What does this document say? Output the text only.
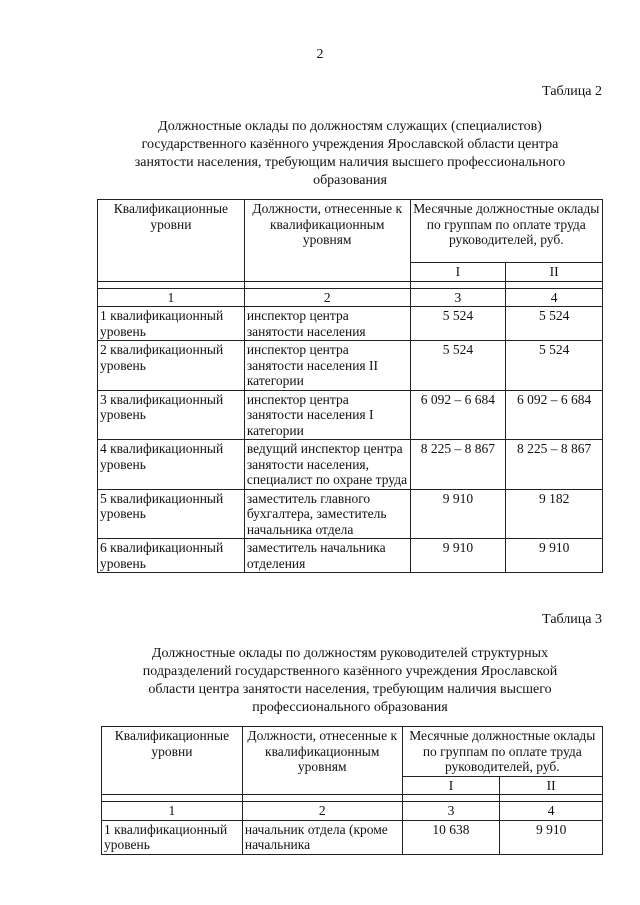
2
Таблица 2
Должностные оклады по должностям служащих (специалистов)
государственного казённого учреждения Ярославской области центра
занятости населения, требующим наличия высшего профессионального
образования
Квалификационные уровни	Должности, отнесенные к квалификационным уровням	Месячные должностные оклады по группам по оплате труда руководителей, руб.	
		I	II

1	2	3	4
1 квалификационный уровень	инспектор центра занятости населения	5 524	5 524
2 квалификационный уровень	инспектор центра занятости населения II категории	5 524	5 524
3 квалификационный уровень	инспектор центра занятости населения I категории	6 092 – 6 684	6 092 – 6 684
4 квалификационный уровень	ведущий инспектор центра занятости населения, специалист по охране труда	8 225 – 8 867	8 225 – 8 867
5 квалификационный уровень	заместитель главного бухгалтера, заместитель начальника отдела	9 910	9 182
6 квалификационный уровень	заместитель начальника отделения	9 910	9 910
Таблица 3
Должностные оклады по должностям руководителей структурных
подразделений государственного казённого учреждения Ярославской
области центра занятости населения, требующим наличия высшего
профессионального образования
Квалификационные уровни	Должности, отнесенные к квалификационным уровням	Месячные должностные оклады по группам по оплате труда руководителей, руб.	
		I	II

1	2	3	4
1 квалификационный уровень	начальник отдела (кроме начальника	10 638	9 910
